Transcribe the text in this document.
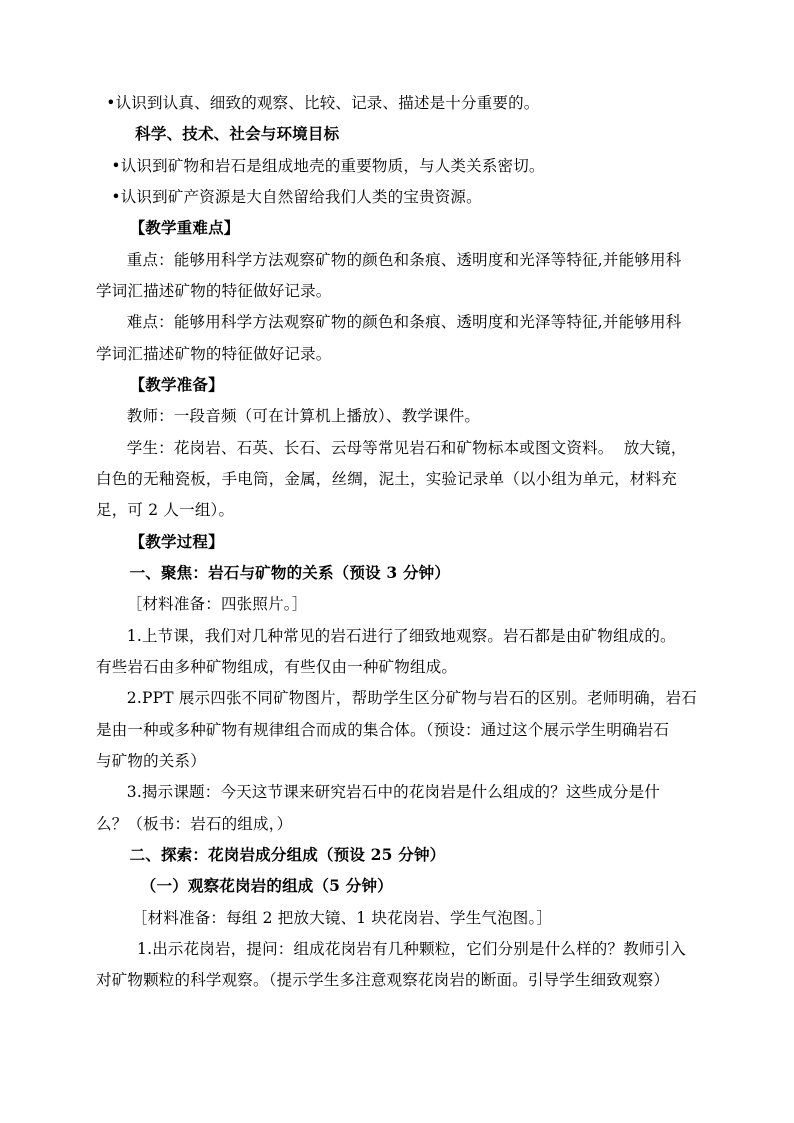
•认识到认真、细致的观察、比较、记录、描述是十分重要的。
科学、技术、社会与环境目标
•认识到矿物和岩石是组成地壳的重要物质，与人类关系密切。
•认识到矿产资源是大自然留给我们人类的宝贵资源。
【教学重难点】
重点：能够用科学方法观察矿物的颜色和条痕、透明度和光泽等特征,并能够用科
学词汇描述矿物的特征做好记录。
难点：能够用科学方法观察矿物的颜色和条痕、透明度和光泽等特征,并能够用科
学词汇描述矿物的特征做好记录。
【教学准备】
教师：一段音频（可在计算机上播放）、教学课件。
学生：花岗岩、石英、长石、云母等常见岩石和矿物标本或图文资料。  放大镜，
白色的无釉瓷板，手电筒，金属，丝绸，泥土，实验记录单（以小组为单元，材料充
足，可 2 人一组）。
【教学过程】
一、聚焦：岩石与矿物的关系（预设 3 分钟）
［材料准备：四张照片。］
1.上节课，我们对几种常见的岩石进行了细致地观察。岩石都是由矿物组成的。
有些岩石由多种矿物组成，有些仅由一种矿物组成。
2.PPT 展示四张不同矿物图片，帮助学生区分矿物与岩石的区别。老师明确，岩石
是由一种或多种矿物有规律组合而成的集合体。（预设：通过这个展示学生明确岩石
与矿物的关系）
3.揭示课题：今天这节课来研究岩石中的花岗岩是什么组成的？这些成分是什
么？（板书：岩石的组成，）
二、探索：花岗岩成分组成（预设 25 分钟）
（一）观察花岗岩的组成（5 分钟）
［材料准备：每组 2 把放大镜、1 块花岗岩、学生气泡图。］
1.出示花岗岩，提问：组成花岗岩有几种颗粒，它们分别是什么样的？教师引入
对矿物颗粒的科学观察。（提示学生多注意观察花岗岩的断面。引导学生细致观察）
